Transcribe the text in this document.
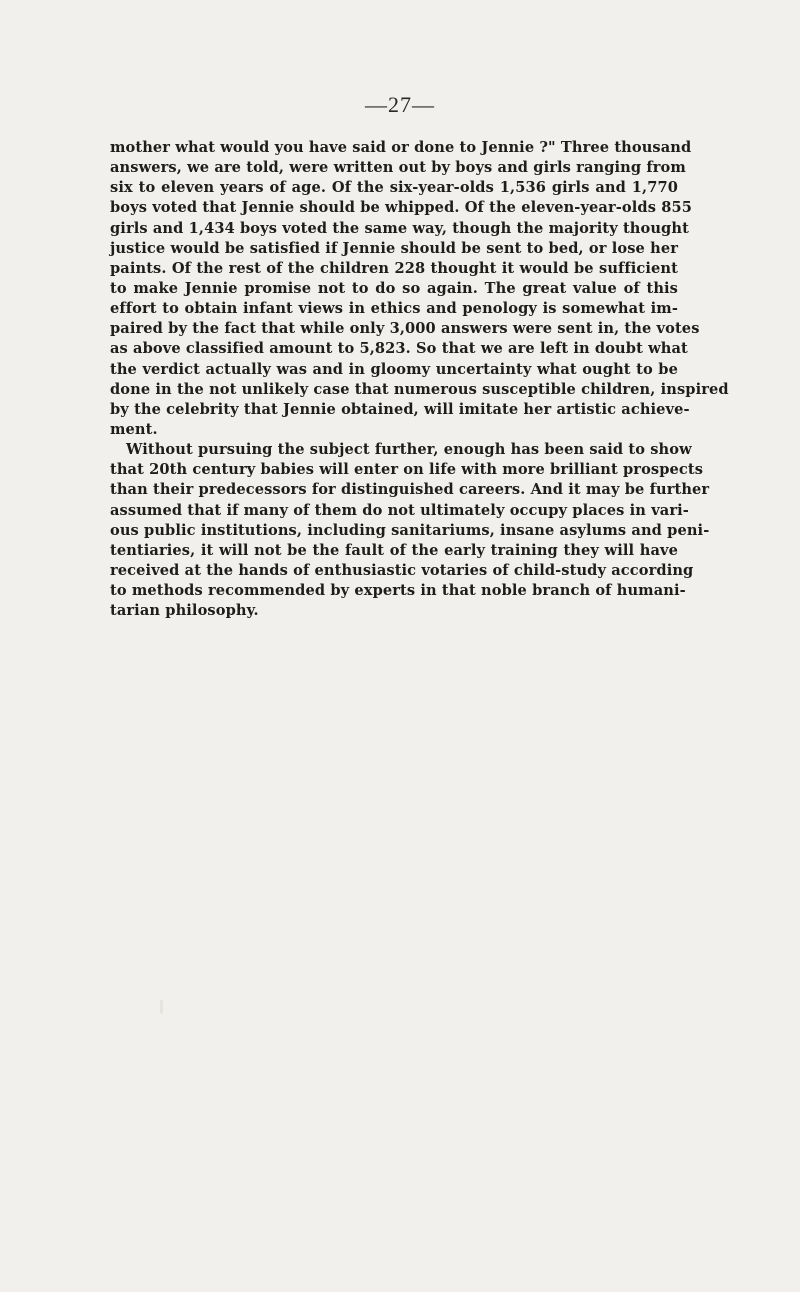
—27—
mother what would you have said or done to Jennie ?" Three thousand
answers, we are told, were written out by boys and girls ranging from
six to eleven years of age. Of the six-year-olds 1,536 girls and 1,770
boys voted that Jennie should be whipped. Of the eleven-year-olds 855
girls and 1,434 boys voted the same way, though the majority thought
justice would be satisfied if Jennie should be sent to bed, or lose her
paints. Of the rest of the children 228 thought it would be sufficient
to make Jennie promise not to do so again. The great value of this
effort to obtain infant views in ethics and penology is somewhat im-
paired by the fact that while only 3,000 answers were sent in, the votes
as above classified amount to 5,823. So that we are left in doubt what
the verdict actually was and in gloomy uncertainty what ought to be
done in the not unlikely case that numerous susceptible children, inspired
by the celebrity that Jennie obtained, will imitate her artistic achieve-
ment.
Without pursuing the subject further, enough has been said to show
that 20th century babies will enter on life with more brilliant prospects
than their predecessors for distinguished careers. And it may be further
assumed that if many of them do not ultimately occupy places in vari-
ous public institutions, including sanitariums, insane asylums and peni-
tentiaries, it will not be the fault of the early training they will have
received at the hands of enthusiastic votaries of child-study according
to methods recommended by experts in that noble branch of humani-
tarian philosophy.
